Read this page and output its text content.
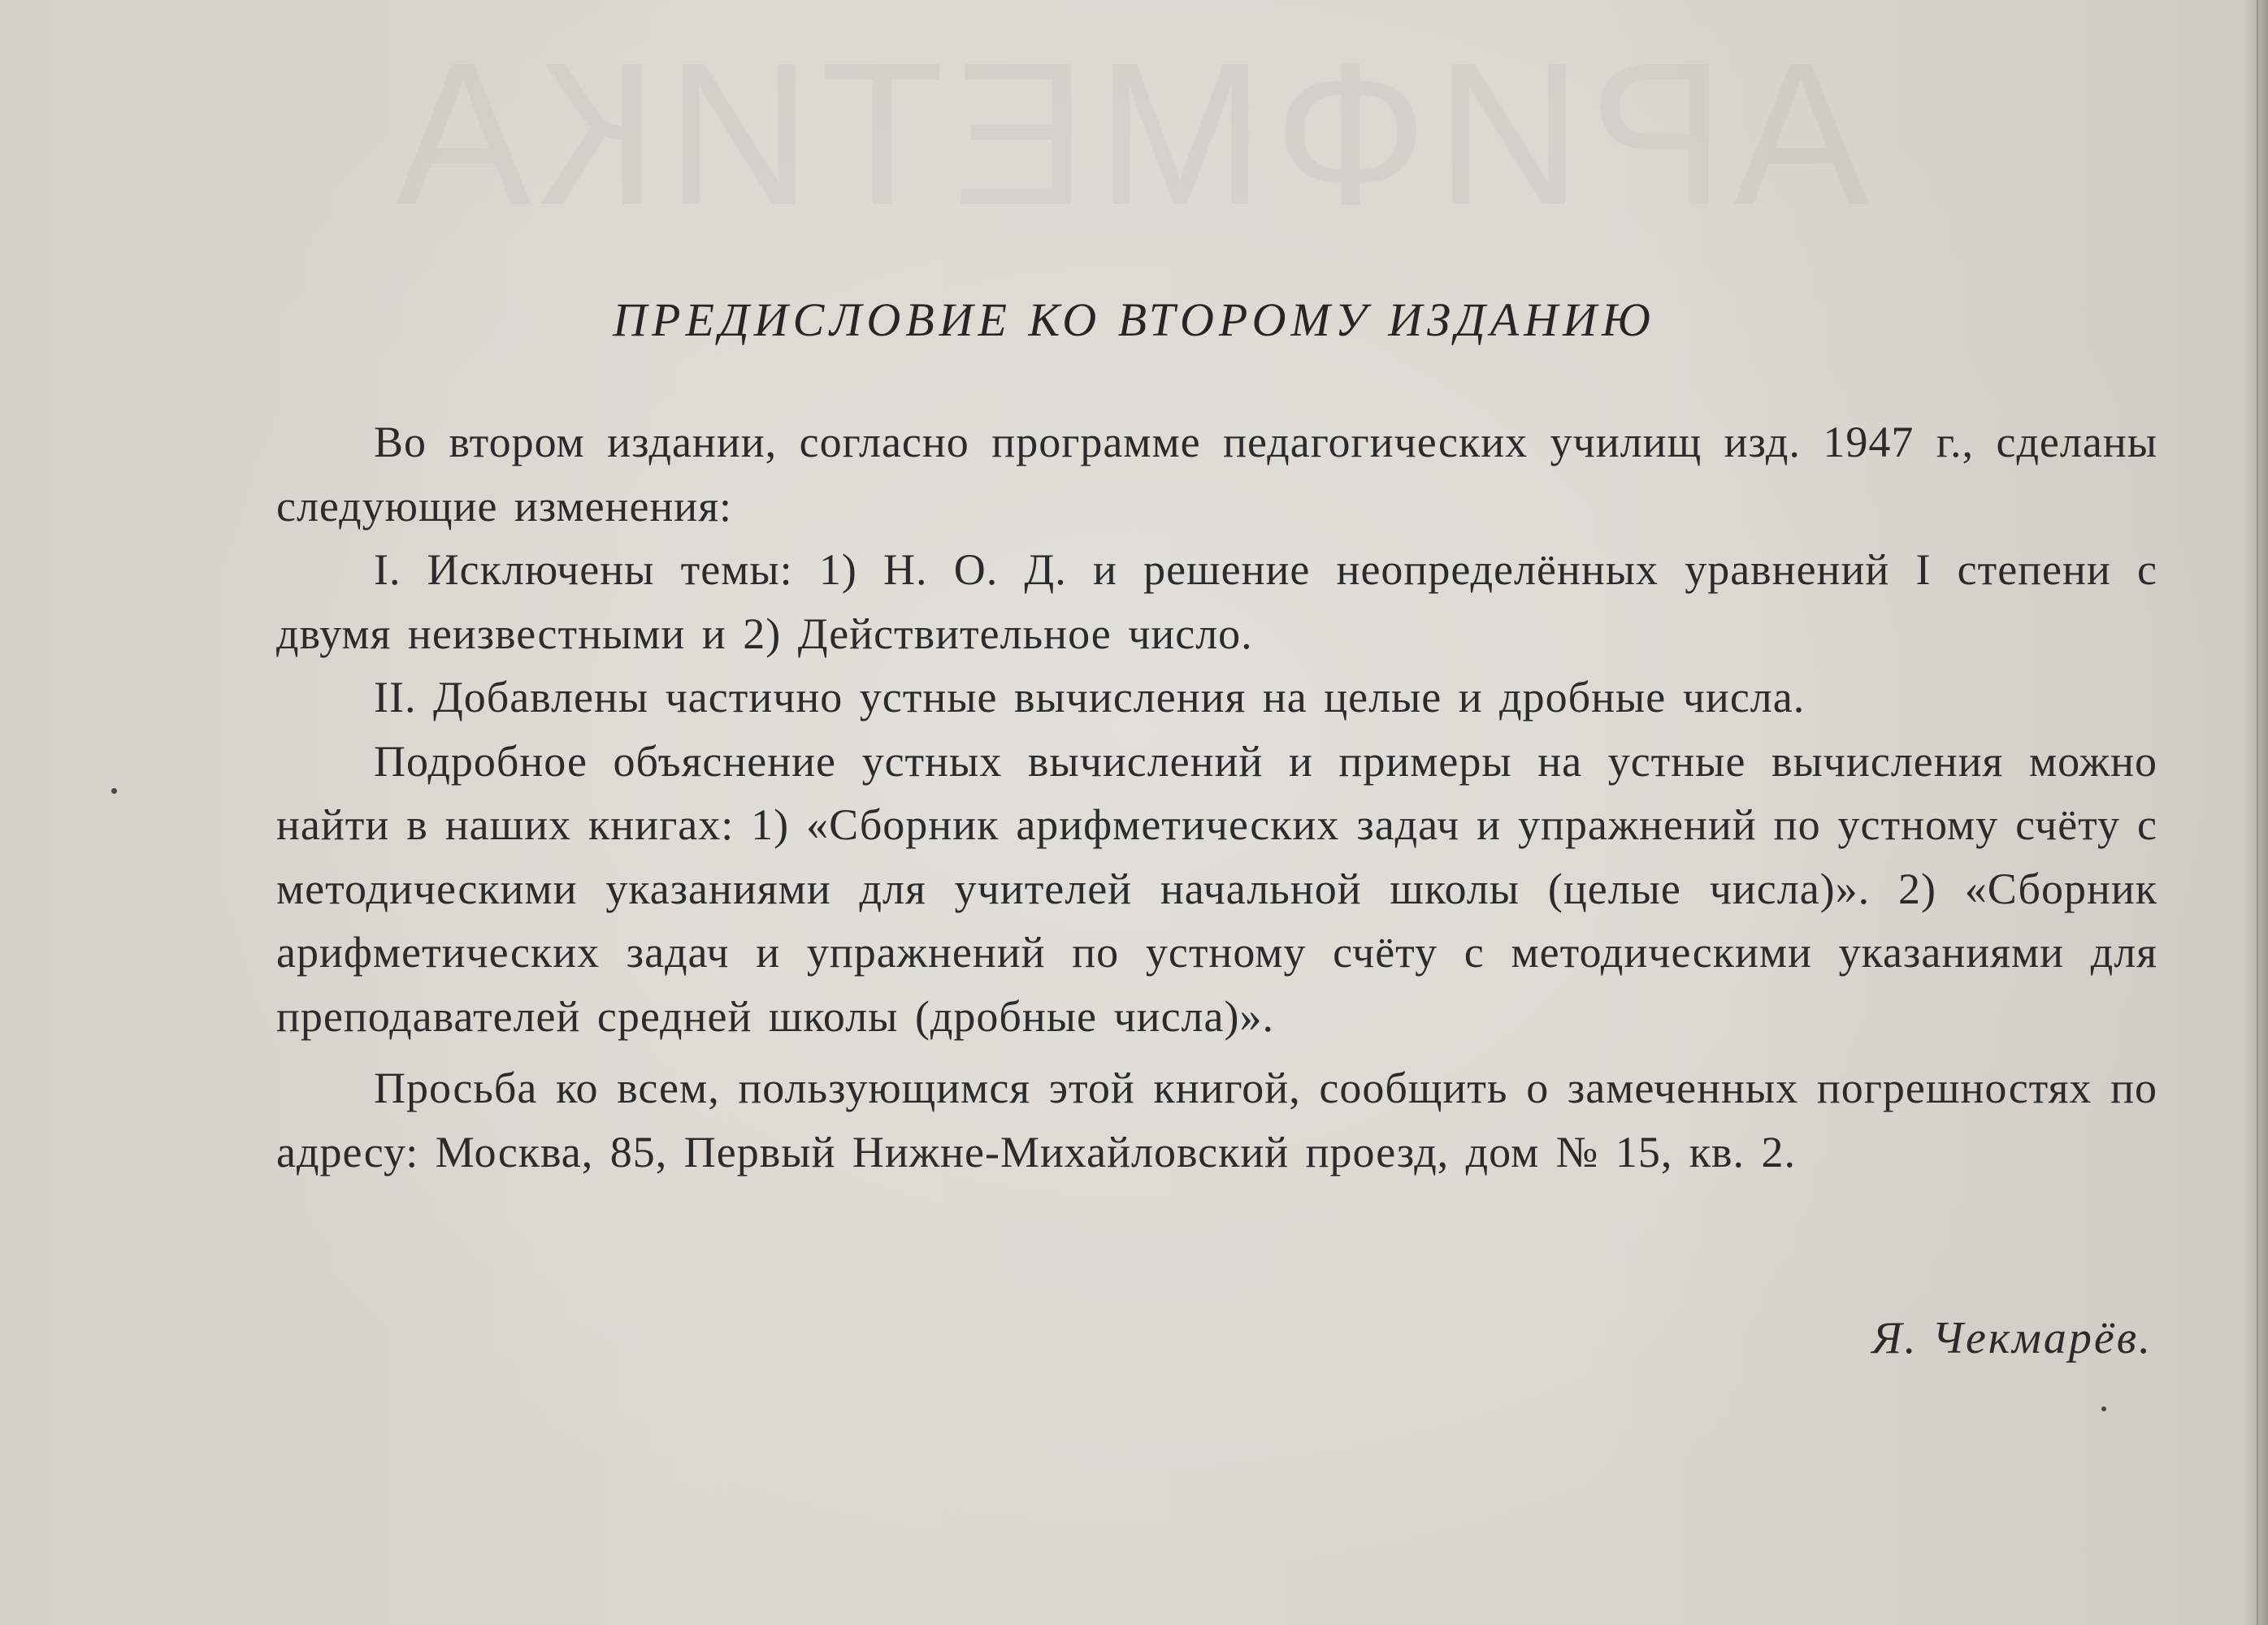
АРИФМЕТИКА
ПРЕДИСЛОВИЕ КО ВТОРОМУ ИЗДАНИЮ

Во втором издании, согласно программе педагогических училищ изд. 1947 г., сделаны следующие изменения:

I. Исключены темы: 1) Н. О. Д. и решение неопределённых уравнений I степени с двумя неизвестными и 2) Действительное число.

II. Добавлены частично устные вычисления на целые и дробные числа.

Подробное объяснение устных вычислений и примеры на устные вычисления можно найти в наших книгах: 1) «Сборник арифметических задач и упражнений по устному счёту с методическими указаниями для учителей начальной школы (целые числа)». 2) «Сборник арифметических задач и упражнений по устному счёту с методическими указаниями для преподавателей средней школы (дробные числа)».

Просьба ко всем, пользующимся этой книгой, сообщить о замеченных погрешностях по адресу: Москва, 85, Первый Нижне-Михайловский проезд, дом № 15, кв. 2.

Я. Чекмарёв.
